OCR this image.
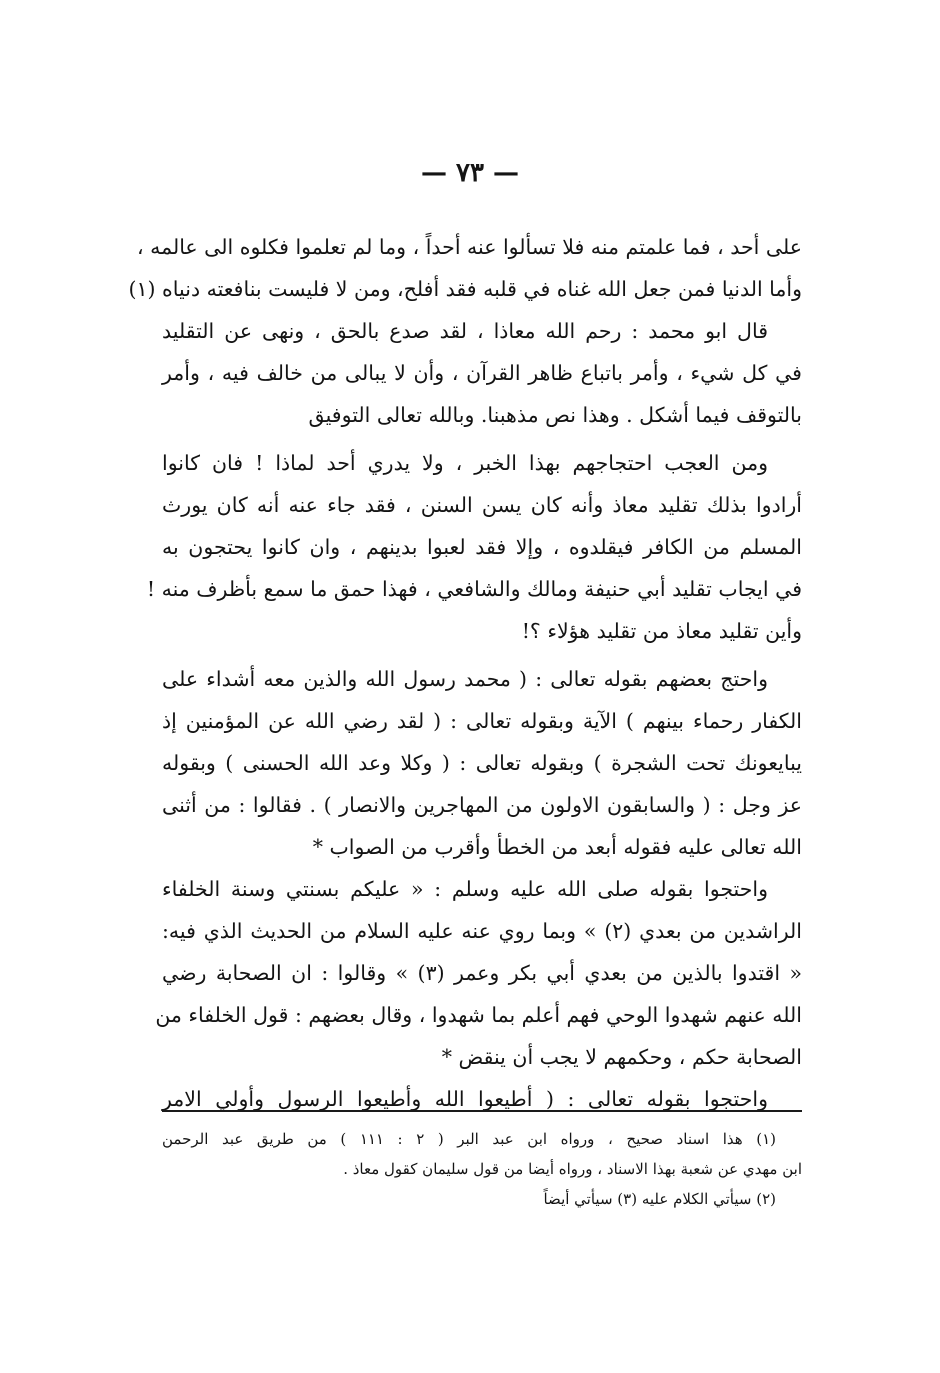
— ٧٣ —
على أحد ، فما علمتم منه فلا تسألوا عنه أحداً ، وما لم تعلموا فكلوه الى عالمه ،
وأما الدنيا فمن جعل الله غناه في قلبه فقد أفلح، ومن لا فليست بنافعته دنياه (١)
قال ابو محمد : رحم الله معاذا ، لقد صدع بالحق ، ونهى عن التقليد
في كل شيء ، وأمر باتباع ظاهر القرآن ، وأن لا يبالى من خالف فيه ، وأمر
بالتوقف فيما أشكل . وهذا نص مذهبنا. وبالله تعالى التوفيق
ومن العجب احتجاجهم بهذا الخبر ، ولا يدري أحد لماذا ! فان كانوا
أرادوا بذلك تقليد معاذ وأنه كان يسن السنن ، فقد جاء عنه أنه كان يورث
المسلم من الكافر فيقلدوه ، وإلا فقد لعبوا بدينهم ، وان كانوا يحتجون به
في ايجاب تقليد أبي حنيفة ومالك والشافعي ، فهذا حمق ما سمع بأظرف منه !
وأين تقليد معاذ من تقليد هؤلاء ؟!
واحتج بعضهم بقوله تعالى : ( محمد رسول الله والذين معه أشداء على
الكفار رحماء بينهم ) الآية وبقوله تعالى : ( لقد رضي الله عن المؤمنين إذ
يبايعونك تحت الشجرة ) وبقوله تعالى : ( وكلا وعد الله الحسنى ) وبقوله
عز وجل : ( والسابقون الاولون من المهاجرين والانصار ) . فقالوا : من أثنى
الله تعالى عليه فقوله أبعد من الخطأ وأقرب من الصواب *
واحتجوا بقوله صلى الله عليه وسلم : « عليكم بسنتي وسنة الخلفاء
الراشدين من بعدي (٢) » وبما روي عنه عليه السلام من الحديث الذي فيه:
« اقتدوا بالذين من بعدي أبي بكر وعمر (٣) » وقالوا : ان الصحابة رضي
الله عنهم شهدوا الوحي فهم أعلم بما شهدوا ، وقال بعضهم : قول الخلفاء من
الصحابة حكم ، وحكمهم لا يجب أن ينقض *
واحتجوا بقوله تعالى : ( أطيعوا الله وأطيعوا الرسول وأولي الامر
(١) هذا اسناد صحيح ، ورواه ابن عبد البر ( ٢ : ١١١ ) من طريق عبد الرحمن
ابن مهدي عن شعبة بهذا الاسناد ، ورواه أيضا من قول سليمان كقول معاذ .
(٢) سيأتي الكلام عليه (٣) سيأتي أيضاً
